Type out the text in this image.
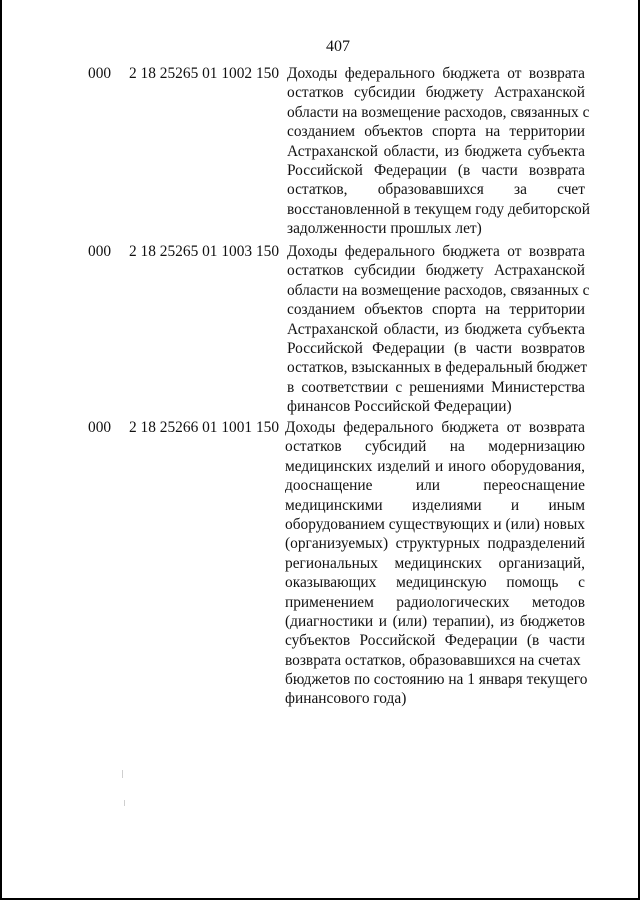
407
000 2 18 25265 01 1002 150 Доходы федерального бюджета от возврата
остатков субсидии бюджету Астраханской
области на возмещение расходов, связанных с
созданием объектов спорта на территории
Астраханской области, из бюджета субъекта
Российской Федерации (в части возврата
остатков, образовавшихся за счет
восстановленной в текущем году дебиторской
задолженности прошлых лет)
000 2 18 25265 01 1003 150 Доходы федерального бюджета от возврата
остатков субсидии бюджету Астраханской
области на возмещение расходов, связанных с
созданием объектов спорта на территории
Астраханской области, из бюджета субъекта
Российской Федерации (в части возвратов
остатков, взысканных в федеральный бюджет
в соответствии с решениями Министерства
финансов Российской Федерации)
000 2 18 25266 01 1001 150 Доходы федерального бюджета от возврата
остатков субсидий на модернизацию
медицинских изделий и иного оборудования,
дооснащение или переоснащение
медицинскими изделиями и иным
оборудованием существующих и (или) новых
(организуемых) структурных подразделений
региональных медицинских организаций,
оказывающих медицинскую помощь с
применением радиологических методов
(диагностики и (или) терапии), из бюджетов
субъектов Российской Федерации (в части
возврата остатков, образовавшихся на счетах
бюджетов по состоянию на 1 января текущего
финансового года)
